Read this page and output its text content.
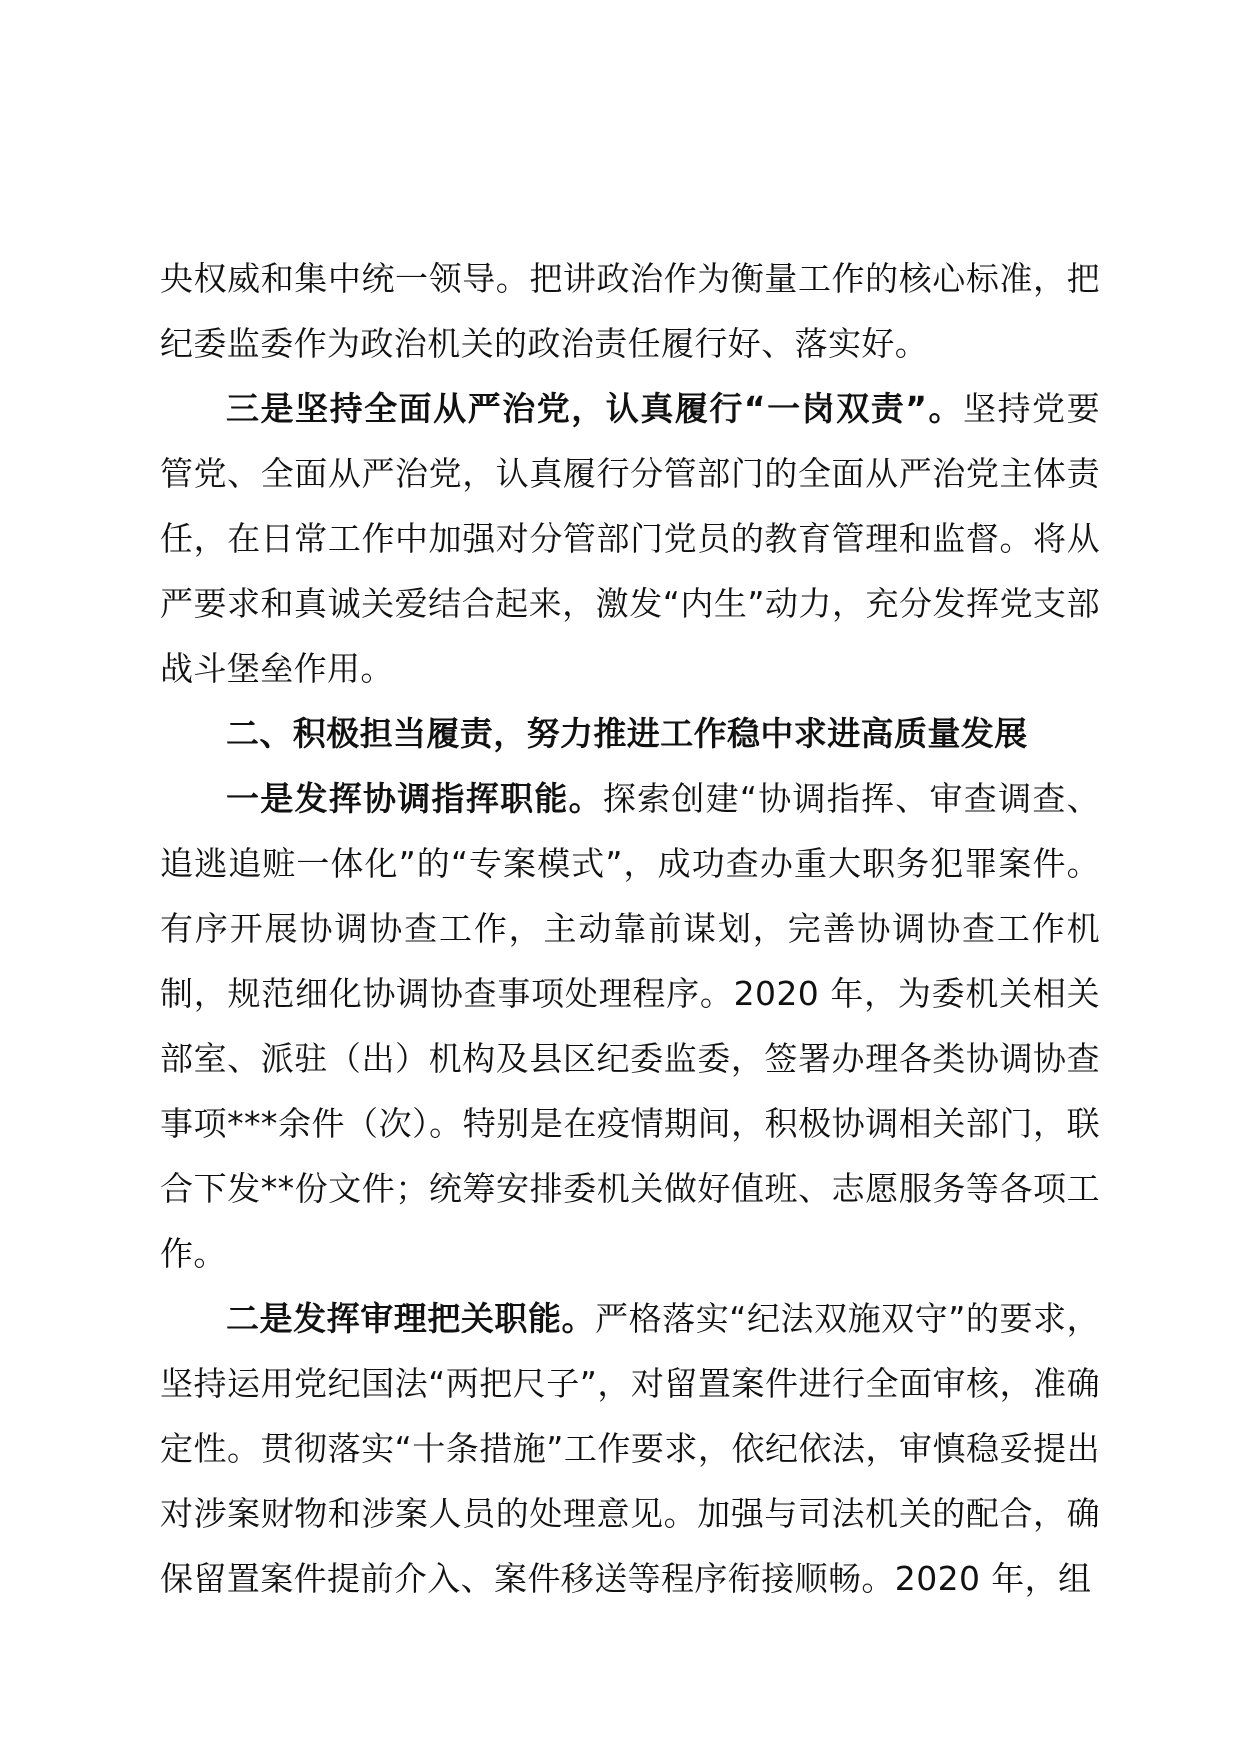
央权威和集中统一领导。把讲政治作为衡量工作的核心标准，把纪委监委作为政治机关的政治责任履行好、落实好。

三是坚持全面从严治党，认真履行“一岗双责”。坚持党要管党、全面从严治党，认真履行分管部门的全面从严治党主体责任，在日常工作中加强对分管部门党员的教育管理和监督。将从严要求和真诚关爱结合起来，激发“内生”动力，充分发挥党支部战斗堡垒作用。

二、积极担当履责，努力推进工作稳中求进高质量发展

一是发挥协调指挥职能。探索创建“协调指挥、审查调查、追逃追赃一体化”的“专案模式”，成功查办重大职务犯罪案件。有序开展协调协查工作，主动靠前谋划，完善协调协查工作机制，规范细化协调协查事项处理程序。2020 年，为委机关相关部室、派驻（出）机构及县区纪委监委，签署办理各类协调协查事项***余件（次）。特别是在疫情期间，积极协调相关部门，联合下发**份文件；统筹安排委机关做好值班、志愿服务等各项工作。

二是发挥审理把关职能。严格落实“纪法双施双守”的要求，坚持运用党纪国法“两把尺子”，对留置案件进行全面审核，准确定性。贯彻落实“十条措施”工作要求，依纪依法，审慎稳妥提出对涉案财物和涉案人员的处理意见。加强与司法机关的配合，确保留置案件提前介入、案件移送等程序衔接顺畅。2020 年，组
